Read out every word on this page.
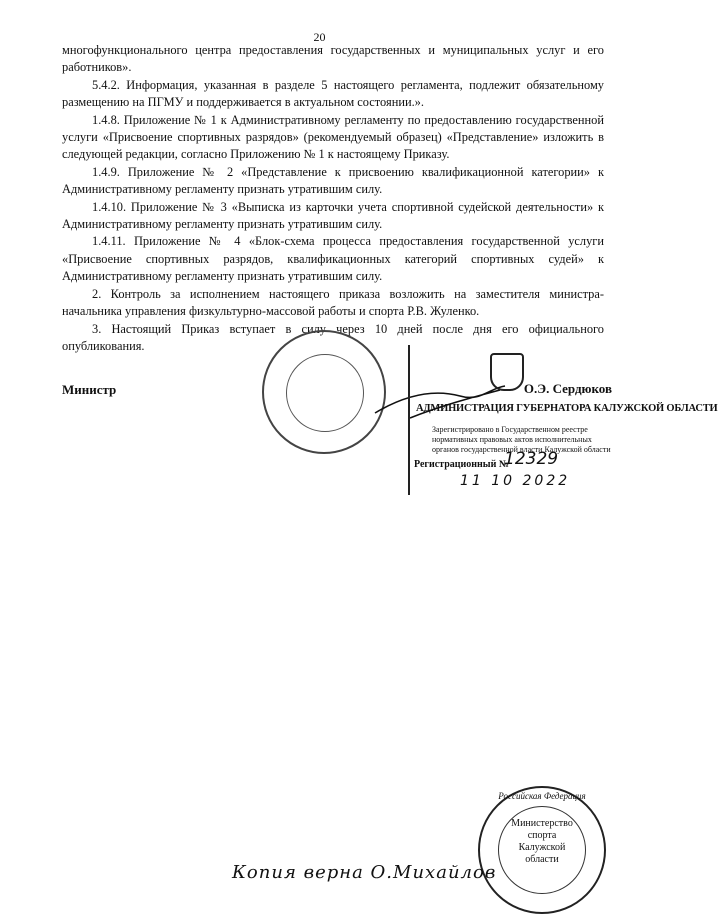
20

многофункционального центра предоставления государственных и муниципальных услуг и его работников».

5.4.2. Информация, указанная в разделе 5 настоящего регламента, подлежит обязательному размещению на ПГМУ и поддерживается в актуальном состоянии.».

1.4.8. Приложение № 1 к Административному регламенту по предоставлению государственной услуги «Присвоение спортивных разрядов» (рекомендуемый образец) «Представление» изложить в следующей редакции, согласно Приложению № 1 к настоящему Приказу.

1.4.9. Приложение № 2 «Представление к присвоению квалификационной категории» к Административному регламенту признать утратившим силу.

1.4.10. Приложение № 3 «Выписка из карточки учета спортивной судейской деятельности» к Административному регламенту признать утратившим силу.

1.4.11. Приложение № 4 «Блок-схема процесса предоставления государственной услуги «Присвоение спортивных разрядов, квалификационных категорий спортивных судей» к Административному регламенту признать утратившим силу.

2. Контроль за исполнением настоящего приказа возложить на заместителя министра-начальника управления физкультурно-массовой работы и спорта Р.В. Жуленко.

3. Настоящий Приказ вступает в силу через 10 дней после дня его официального опубликования.

Министр	О.Э. Сердюков
АДМИНИСТРАЦИЯ ГУБЕРНАТОРА КАЛУЖСКОЙ ОБЛАСТИ
Зарегистрировано в Государственном реестре нормативных правовых актов исполнительных органов государственной власти Калужской области
Регистрационный №
12329
11 10 2022
Российская Федерация
Министерство
спорта
Калужской
области
Копия верна О.Михайлов
